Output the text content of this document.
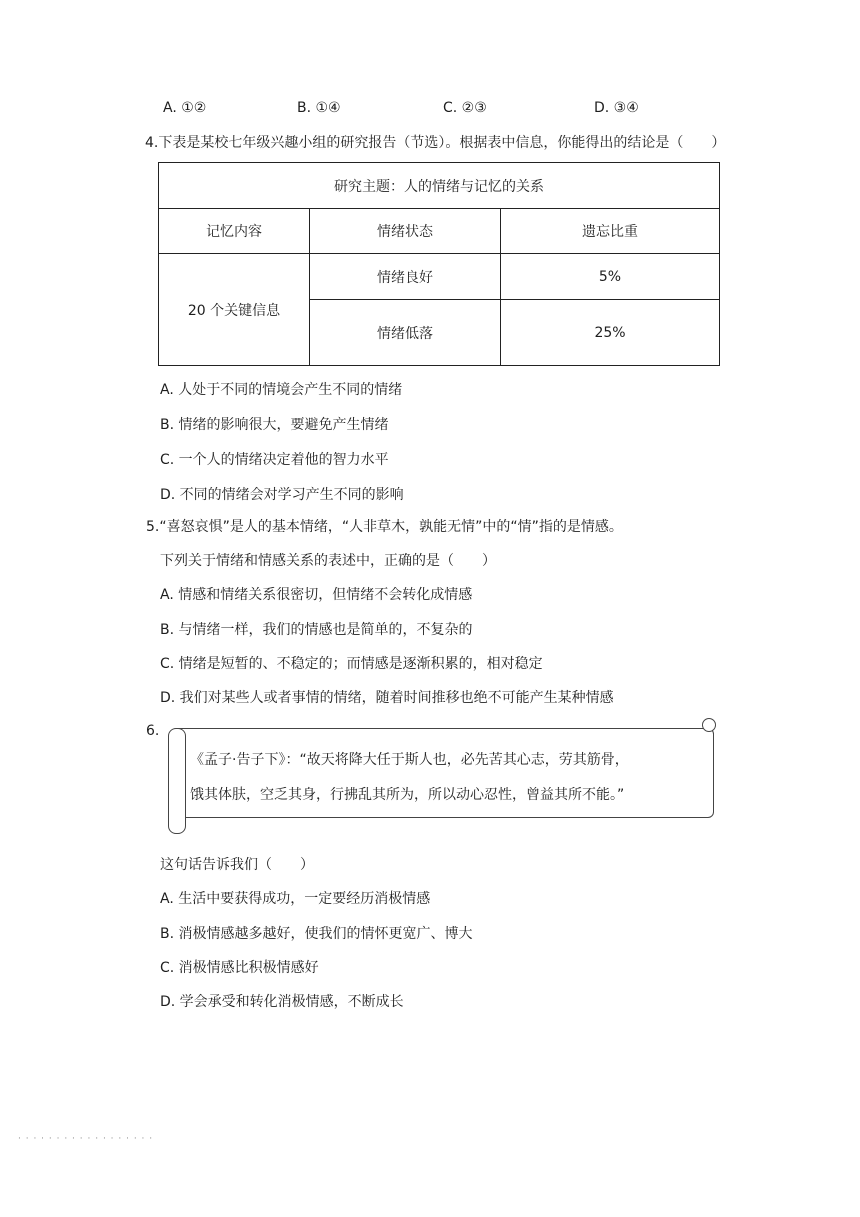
A. ①②	B. ①④	C. ②③	D. ③④
4.下表是某校七年级兴趣小组的研究报告（节选）。根据表中信息，你能得出的结论是（　　）
研究主题：人的情绪与记忆的关系		
记忆内容	情绪状态	遗忘比重
20 个关键信息	情绪良好	5%
	情绪低落	25%
A. 人处于不同的情境会产生不同的情绪
B. 情绪的影响很大，要避免产生情绪
C. 一个人的情绪决定着他的智力水平
D. 不同的情绪会对学习产生不同的影响
5.“喜怒哀惧”是人的基本情绪，“人非草木，孰能无情”中的“情”指的是情感。
下列关于情绪和情感关系的表述中，正确的是（　　）
A. 情感和情绪关系很密切，但情绪不会转化成情感
B. 与情绪一样，我们的情感也是简单的，不复杂的
C. 情绪是短暂的、不稳定的；而情感是逐渐积累的，相对稳定
D. 我们对某些人或者事情的情绪，随着时间推移也绝不可能产生某种情感
6.
《孟子·告子下》：“故天将降大任于斯人也，必先苦其心志，劳其筋骨，
饿其体肤，空乏其身，行拂乱其所为，所以动心忍性，曾益其所不能。”
这句话告诉我们（　　）
A. 生活中要获得成功，一定要经历消极情感
B. 消极情感越多越好，使我们的情怀更宽广、博大
C. 消极情感比积极情感好
D. 学会承受和转化消极情感，不断成长
· · · · · · · · · · · · · · · · · ·
